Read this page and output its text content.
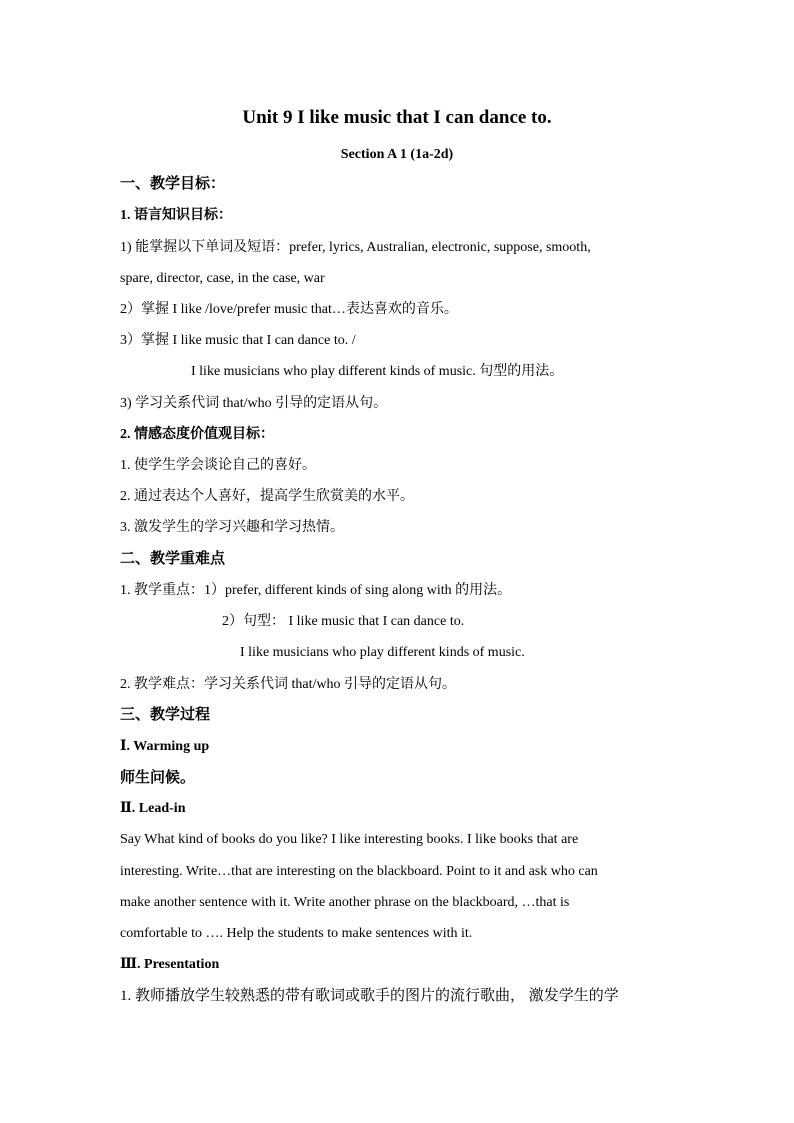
Unit 9 I like music that I can dance to.
Section A 1 (1a-2d)
一、教学目标：
1. 语言知识目标：
1) 能掌握以下单词及短语：prefer, lyrics, Australian, electronic, suppose, smooth,
spare, director, case, in the case, war
2）掌握 I like /love/prefer music that…表达喜欢的音乐。
3）掌握 I like music that I can dance to. /
I like musicians who play different kinds of music. 句型的用法。
3) 学习关系代词 that/who 引导的定语从句。
2. 情感态度价值观目标：
1. 使学生学会谈论自己的喜好。
2. 通过表达个人喜好，提高学生欣赏美的水平。
3. 激发学生的学习兴趣和学习热情。
二、教学重难点
1. 教学重点：1）prefer, different kinds of sing along with 的用法。
2）句型： I like music that I can dance to.
I like musicians who play different kinds of music.
2. 教学难点：学习关系代词 that/who 引导的定语从句。
三、教学过程
Ⅰ. Warming up
师生问候。
Ⅱ. Lead-in
Say What kind of books do you like? I like interesting books. I like books that are
interesting. Write…that are interesting on the blackboard. Point to it and ask who can
make another sentence with it. Write another phrase on the blackboard, …that is
comfortable to …. Help the students to make sentences with it.
Ⅲ. Presentation
1. 教师播放学生较熟悉的带有歌词或歌手的图片的流行歌曲， 激发学生的学
